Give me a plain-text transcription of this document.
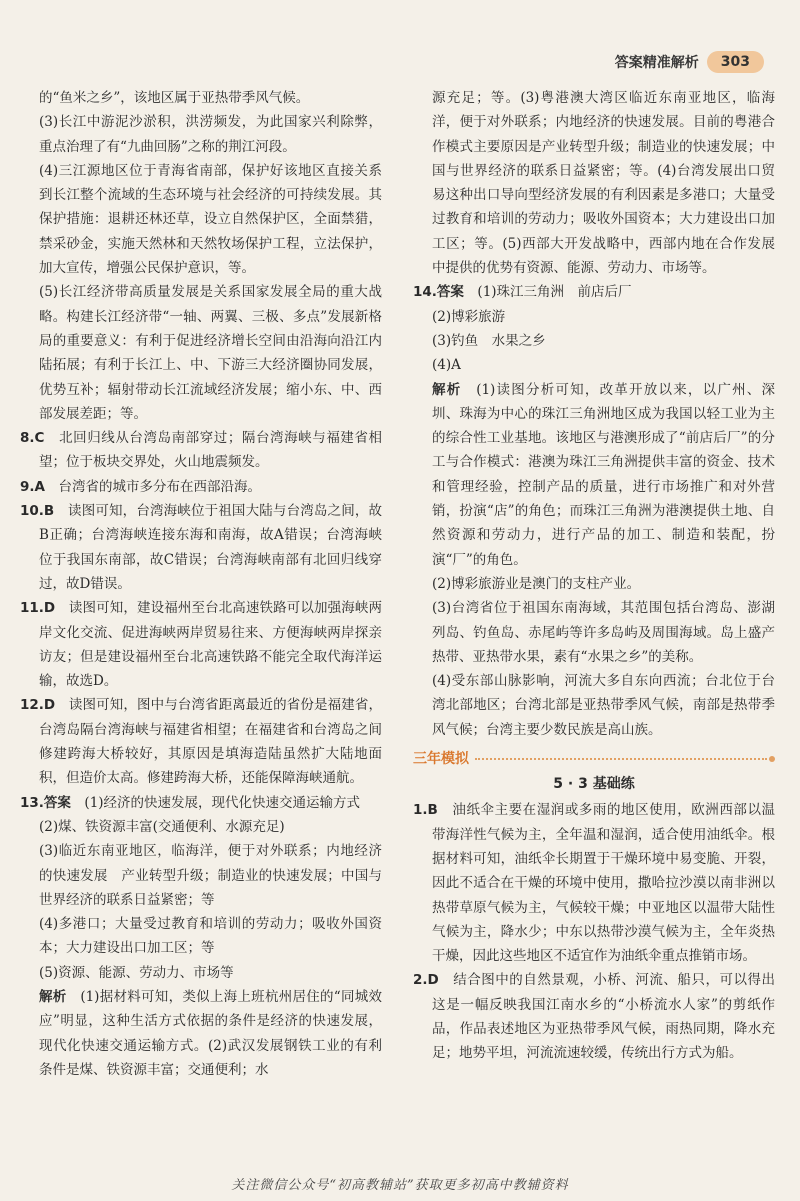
答案精准解析	303

的“鱼米之乡”，该地区属于亚热带季风气候。

(3)长江中游泥沙淤积，洪涝频发，为此国家兴利除弊，重点治理了有“九曲回肠”之称的荆江河段。

(4)三江源地区位于青海省南部，保护好该地区直接关系到长江整个流域的生态环境与社会经济的可持续发展。其保护措施：退耕还林还草，设立自然保护区，全面禁猎，禁采砂金，实施天然林和天然牧场保护工程，立法保护，加大宣传，增强公民保护意识，等。

(5)长江经济带高质量发展是关系国家发展全局的重大战略。构建长江经济带“一轴、两翼、三极、多点”发展新格局的重要意义：有利于促进经济增长空间由沿海向沿江内陆拓展；有利于长江上、中、下游三大经济圈协同发展，优势互补；辐射带动长江流域经济发展；缩小东、中、西部发展差距；等。

8.C　 北回归线从台湾岛南部穿过；隔台湾海峡与福建省相望；位于板块交界处，火山地震频发。

9.A　 台湾省的城市多分布在西部沿海。

10.B　 读图可知，台湾海峡位于祖国大陆与台湾岛之间，故B正确；台湾海峡连接东海和南海，故A错误；台湾海峡位于我国东南部，故C错误；台湾海峡南部有北回归线穿过，故D错误。

11.D　 读图可知，建设福州至台北高速铁路可以加强海峡两岸文化交流、促进海峡两岸贸易往来、方便海峡两岸探亲访友；但是建设福州至台北高速铁路不能完全取代海洋运输，故选D。

12.D　 读图可知，图中与台湾省距离最近的省份是福建省，台湾岛隔台湾海峡与福建省相望；在福建省和台湾岛之间修建跨海大桥较好，其原因是填海造陆虽然扩大陆地面积，但造价太高。修建跨海大桥，还能保障海峡通航。

13.答案　 (1)经济的快速发展，现代化快速交通运输方式

(2)煤、铁资源丰富(交通便利、水源充足)

(3)临近东南亚地区，临海洋，便于对外联系；内地经济的快速发展　产业转型升级；制造业的快速发展；中国与世界经济的联系日益紧密；等

(4)多港口；大量受过教育和培训的劳动力；吸收外国资本；大力建设出口加工区；等

(5)资源、能源、劳动力、市场等

解析　 (1)据材料可知，类似上海上班杭州居住的“同城效应”明显，这种生活方式依据的条件是经济的快速发展，现代化快速交通运输方式。(2)武汉发展钢铁工业的有利条件是煤、铁资源丰富；交通便利；水

源充足；等。(3)粤港澳大湾区临近东南亚地区，临海洋，便于对外联系；内地经济的快速发展。目前的粤港合作模式主要原因是产业转型升级；制造业的快速发展；中国与世界经济的联系日益紧密；等。(4)台湾发展出口贸易这种出口导向型经济发展的有利因素是多港口；大量受过教育和培训的劳动力；吸收外国资本；大力建设出口加工区；等。(5)西部大开发战略中，西部内地在合作发展中提供的优势有资源、能源、劳动力、市场等。

14.答案　 (1)珠江三角洲　前店后厂

(2)博彩旅游

(3)钓鱼　水果之乡

(4)A

解析　 (1)读图分析可知，改革开放以来，以广州、深圳、珠海为中心的珠江三角洲地区成为我国以轻工业为主的综合性工业基地。该地区与港澳形成了“前店后厂”的分工与合作模式：港澳为珠江三角洲提供丰富的资金、技术和管理经验，控制产品的质量，进行市场推广和对外营销，扮演“店”的角色；而珠江三角洲为港澳提供土地、自然资源和劳动力，进行产品的加工、制造和装配，扮演“厂”的角色。

(2)博彩旅游业是澳门的支柱产业。

(3)台湾省位于祖国东南海域，其范围包括台湾岛、澎湖列岛、钓鱼岛、赤尾屿等许多岛屿及周围海域。岛上盛产热带、亚热带水果，素有“水果之乡”的美称。

(4)受东部山脉影响，河流大多自东向西流；台北位于台湾北部地区；台湾北部是亚热带季风气候，南部是热带季风气候；台湾主要少数民族是高山族。

三年模拟
5 · 3 基础练

1.B　 油纸伞主要在湿润或多雨的地区使用，欧洲西部以温带海洋性气候为主，全年温和湿润，适合使用油纸伞。根据材料可知，油纸伞长期置于干燥环境中易变脆、开裂，因此不适合在干燥的环境中使用，撒哈拉沙漠以南非洲以热带草原气候为主，气候较干燥；中亚地区以温带大陆性气候为主，降水少；中东以热带沙漠气候为主，全年炎热干燥，因此这些地区不适宜作为油纸伞重点推销市场。

2.D　 结合图中的自然景观，小桥、河流、船只，可以得出这是一幅反映我国江南水乡的“小桥流水人家”的剪纸作品，作品表述地区为亚热带季风气候，雨热同期，降水充足；地势平坦，河流流速较缓，传统出行方式为船。

关注微信公众号“初高教辅站”获取更多初高中教辅资料
